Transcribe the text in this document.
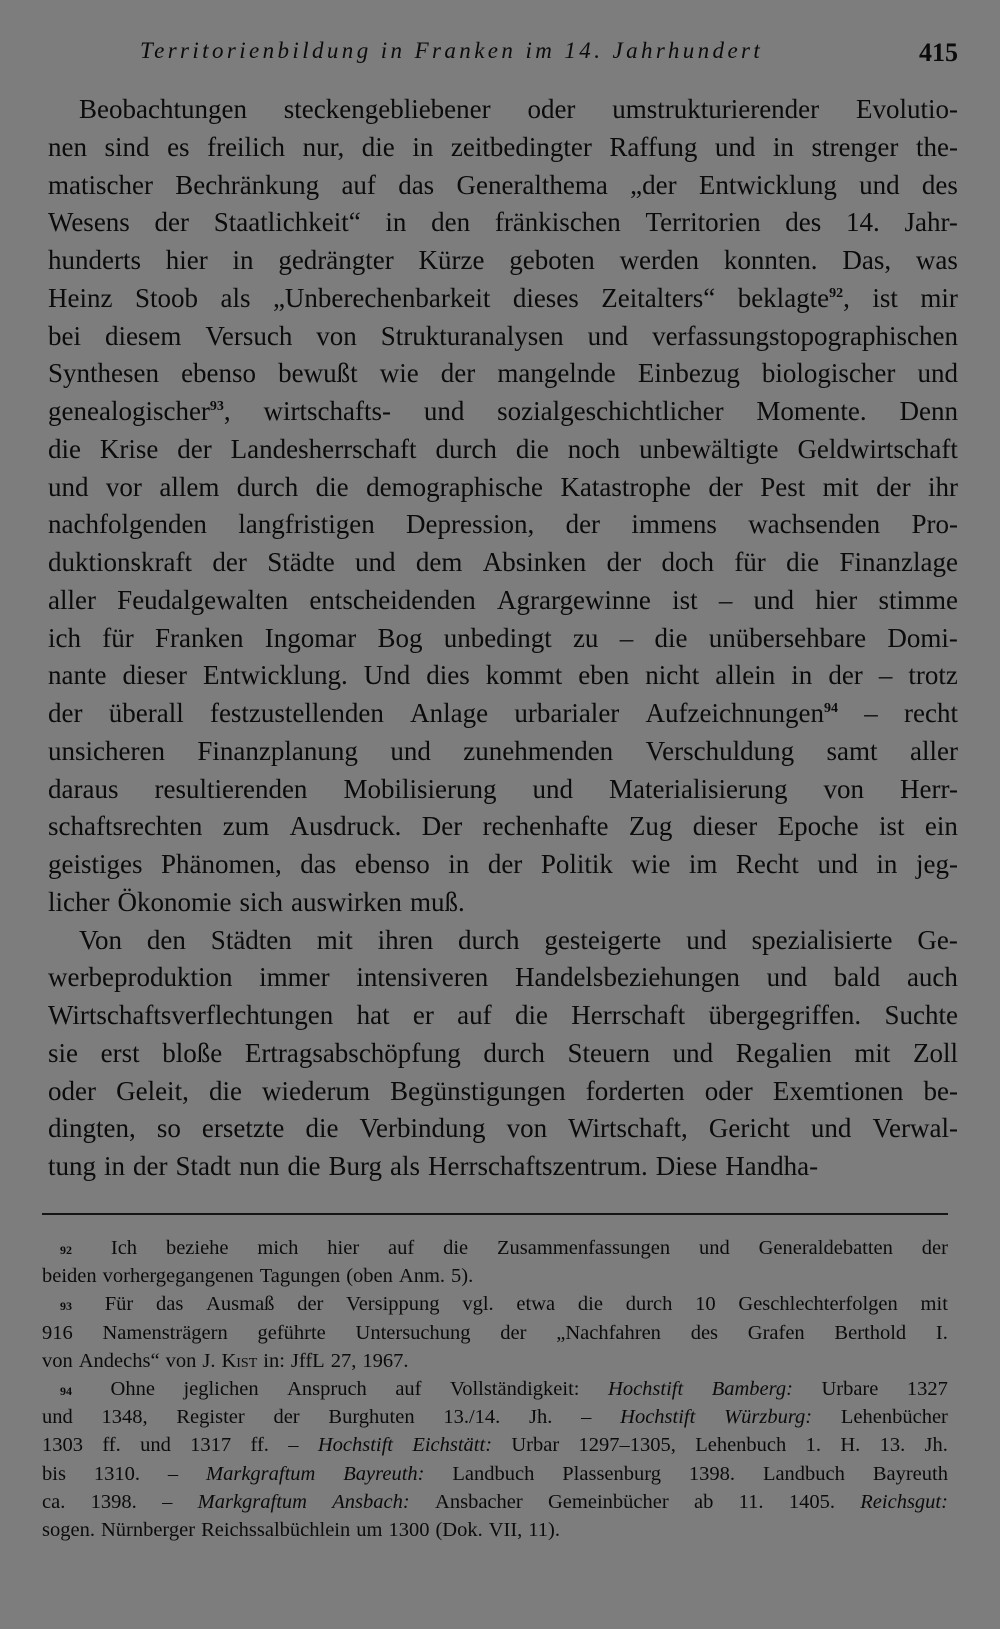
Territorienbildung in Franken im 14. Jahrhundert	415
Beobachtungen steckengebliebener oder umstrukturierender Evolutio-
nen sind es freilich nur, die in zeitbedingter Raffung und in strenger the-
matischer Bechränkung auf das Generalthema „der Entwicklung und des
Wesens der Staatlichkeit“ in den fränkischen Territorien des 14. Jahr-
hunderts hier in gedrängter Kürze geboten werden konnten. Das, was
Heinz Stoob als „Unberechenbarkeit dieses Zeitalters“ beklagte$^{92}$, ist mir
bei diesem Versuch von Strukturanalysen und verfassungstopographischen
Synthesen ebenso bewußt wie der mangelnde Einbezug biologischer und
genealogischer$^{93}$, wirtschafts- und sozialgeschichtlicher Momente. Denn
die Krise der Landesherrschaft durch die noch unbewältigte Geldwirtschaft
und vor allem durch die demographische Katastrophe der Pest mit der ihr
nachfolgenden langfristigen Depression, der immens wachsenden Pro-
duktionskraft der Städte und dem Absinken der doch für die Finanzlage
aller Feudalgewalten entscheidenden Agrargewinne ist – und hier stimme
ich für Franken Ingomar Bog unbedingt zu – die unübersehbare Domi-
nante dieser Entwicklung. Und dies kommt eben nicht allein in der – trotz
der überall festzustellenden Anlage urbarialer Aufzeichnungen$^{94}$ – recht
unsicheren Finanzplanung und zunehmenden Verschuldung samt aller
daraus resultierenden Mobilisierung und Materialisierung von Herr-
schaftsrechten zum Ausdruck. Der rechenhafte Zug dieser Epoche ist ein
geistiges Phänomen, das ebenso in der Politik wie im Recht und in jeg-
licher Ökonomie sich auswirken muß.
Von den Städten mit ihren durch gesteigerte und spezialisierte Ge-
werbeproduktion immer intensiveren Handelsbeziehungen und bald auch
Wirtschaftsverflechtungen hat er auf die Herrschaft übergegriffen. Suchte
sie erst bloße Ertragsabschöpfung durch Steuern und Regalien mit Zoll
oder Geleit, die wiederum Begünstigungen forderten oder Exemtionen be-
dingten, so ersetzte die Verbindung von Wirtschaft, Gericht und Verwal-
tung in der Stadt nun die Burg als Herrschaftszentrum. Diese Handha-
92 Ich beziehe mich hier auf die Zusammenfassungen und Generaldebatten der
beiden vorhergegangenen Tagungen (oben Anm. 5).
93 Für das Ausmaß der Versippung vgl. etwa die durch 10 Geschlechterfolgen mit
916 Namensträgern geführte Untersuchung der „Nachfahren des Grafen Berthold I.
von Andechs“ von J. Kist in: JffL 27, 1967.
94 Ohne jeglichen Anspruch auf Vollständigkeit: Hochstift Bamberg: Urbare 1327
und 1348, Register der Burghuten 13./14. Jh. – Hochstift Würzburg: Lehenbücher
1303 ff. und 1317 ff. – Hochstift Eichstätt: Urbar 1297–1305, Lehenbuch 1. H. 13. Jh.
bis 1310. – Markgraftum Bayreuth: Landbuch Plassenburg 1398. Landbuch Bayreuth
ca. 1398. – Markgraftum Ansbach: Ansbacher Gemeinbücher ab 11. 1405. Reichsgut:
sogen. Nürnberger Reichssalbüchlein um 1300 (Dok. VII, 11).
